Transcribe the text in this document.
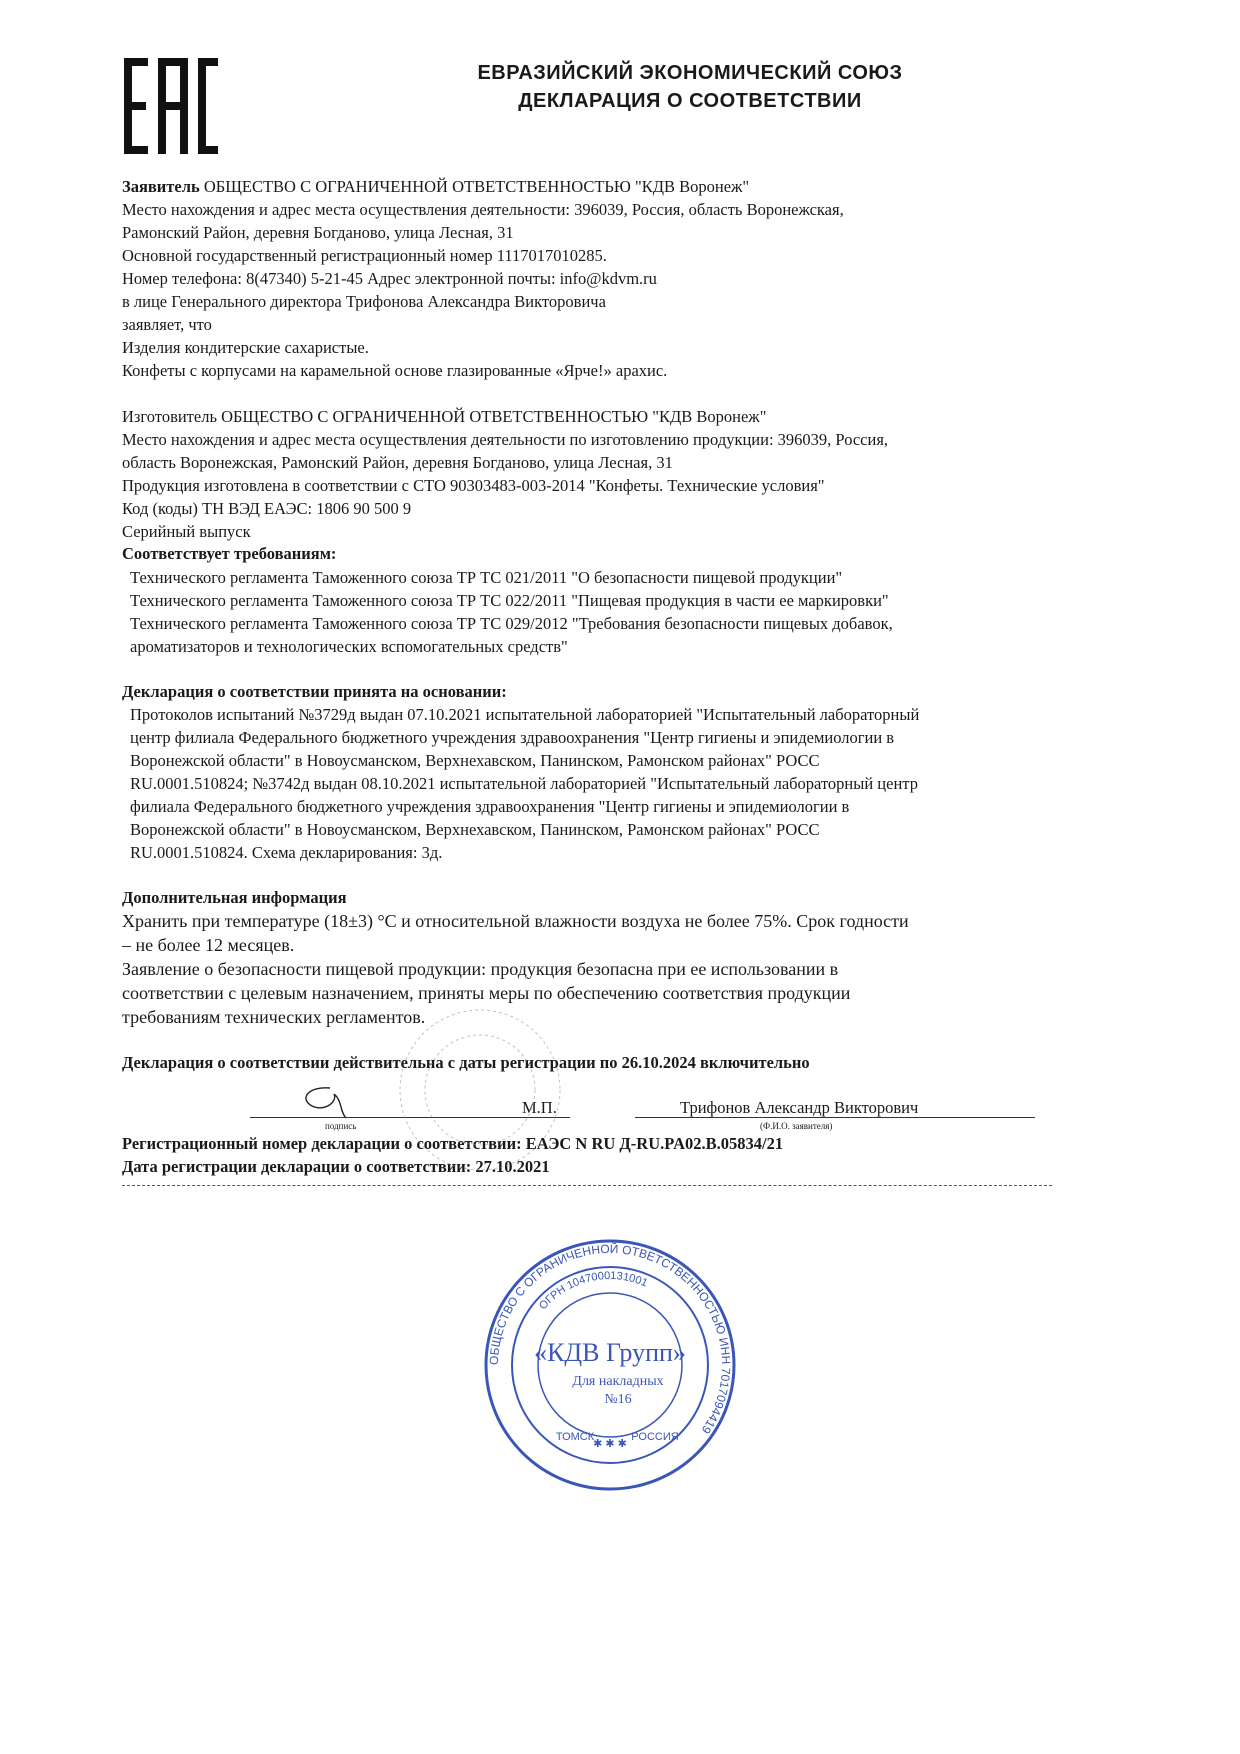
ЕВРАЗИЙСКИЙ ЭКОНОМИЧЕСКИЙ СОЮЗ
ДЕКЛАРАЦИЯ О СООТВЕТСТВИИ
Заявитель ОБЩЕСТВО С ОГРАНИЧЕННОЙ ОТВЕТСТВЕННОСТЬЮ "КДВ Воронеж"
Место нахождения и адрес места осуществления деятельности: 396039, Россия, область Воронежская,
Рамонский Район, деревня Богданово, улица Лесная, 31
Основной государственный регистрационный номер 1117017010285.
Номер телефона: 8(47340) 5-21-45 Адрес электронной почты: info@kdvm.ru
в лице Генерального директора Трифонова Александра Викторовича
заявляет, что
Изделия кондитерские сахаристые.
Конфеты с корпусами на карамельной основе глазированные «Ярче!» арахис.
Изготовитель ОБЩЕСТВО С ОГРАНИЧЕННОЙ ОТВЕТСТВЕННОСТЬЮ "КДВ Воронеж"
Место нахождения и адрес места осуществления деятельности по изготовлению продукции: 396039, Россия,
область Воронежская, Рамонский Район, деревня Богданово, улица Лесная, 31
Продукция изготовлена в соответствии с СТО 90303483-003-2014 "Конфеты. Технические условия"
Код (коды) ТН ВЭД ЕАЭС: 1806 90 500 9
Серийный выпуск
Соответствует требованиям:
Технического регламента Таможенного союза ТР ТС 021/2011 "О безопасности пищевой продукции"
Технического регламента Таможенного союза ТР ТС 022/2011 "Пищевая продукция в части ее маркировки"
Технического регламента Таможенного союза ТР ТС 029/2012 "Требования безопасности пищевых добавок,
ароматизаторов и технологических вспомогательных средств"
Декларация о соответствии принята на основании:
Протоколов испытаний №3729д выдан 07.10.2021 испытательной лабораторией "Испытательный лабораторный
центр филиала Федерального бюджетного учреждения здравоохранения "Центр гигиены и эпидемиологии в
Воронежской области" в Новоусманском, Верхнехавском, Панинском, Рамонском районах" РОСС
RU.0001.510824; №3742д выдан 08.10.2021 испытательной лабораторией "Испытательный лабораторный центр
филиала Федерального бюджетного учреждения здравоохранения "Центр гигиены и эпидемиологии в
Воронежской области" в Новоусманском, Верхнехавском, Панинском, Рамонском районах" РОСС
RU.0001.510824. Схема декларирования: 3д.
Дополнительная информация
Хранить при температуре (18±3) °С и относительной влажности воздуха не более 75%. Срок годности
– не более 12 месяцев.
Заявление о безопасности пищевой продукции: продукция безопасна при ее использовании в
соответствии с целевым назначением, приняты меры по обеспечению соответствия продукции
требованиям технических регламентов.
Декларация о соответствии действительна с даты регистрации по 26.10.2024 включительно
подпись
М.П.	Трифонов Александр Викторович
(Ф.И.О. заявителя)
Регистрационный номер декларации о соответствии: ЕАЭС N RU Д-RU.PA02.B.05834/21
Дата регистрации декларации о соответствии: 27.10.2021
ОБЩЕСТВО С ОГРАНИЧЕННОЙ ОТВЕТСТВЕННОСТЬЮ ИНН 7017094419
ОГРН 1047000131001
«КДВ Групп»
Для накладных
№16
ТОМСК	РОССИЯ
✱ ✱ ✱
